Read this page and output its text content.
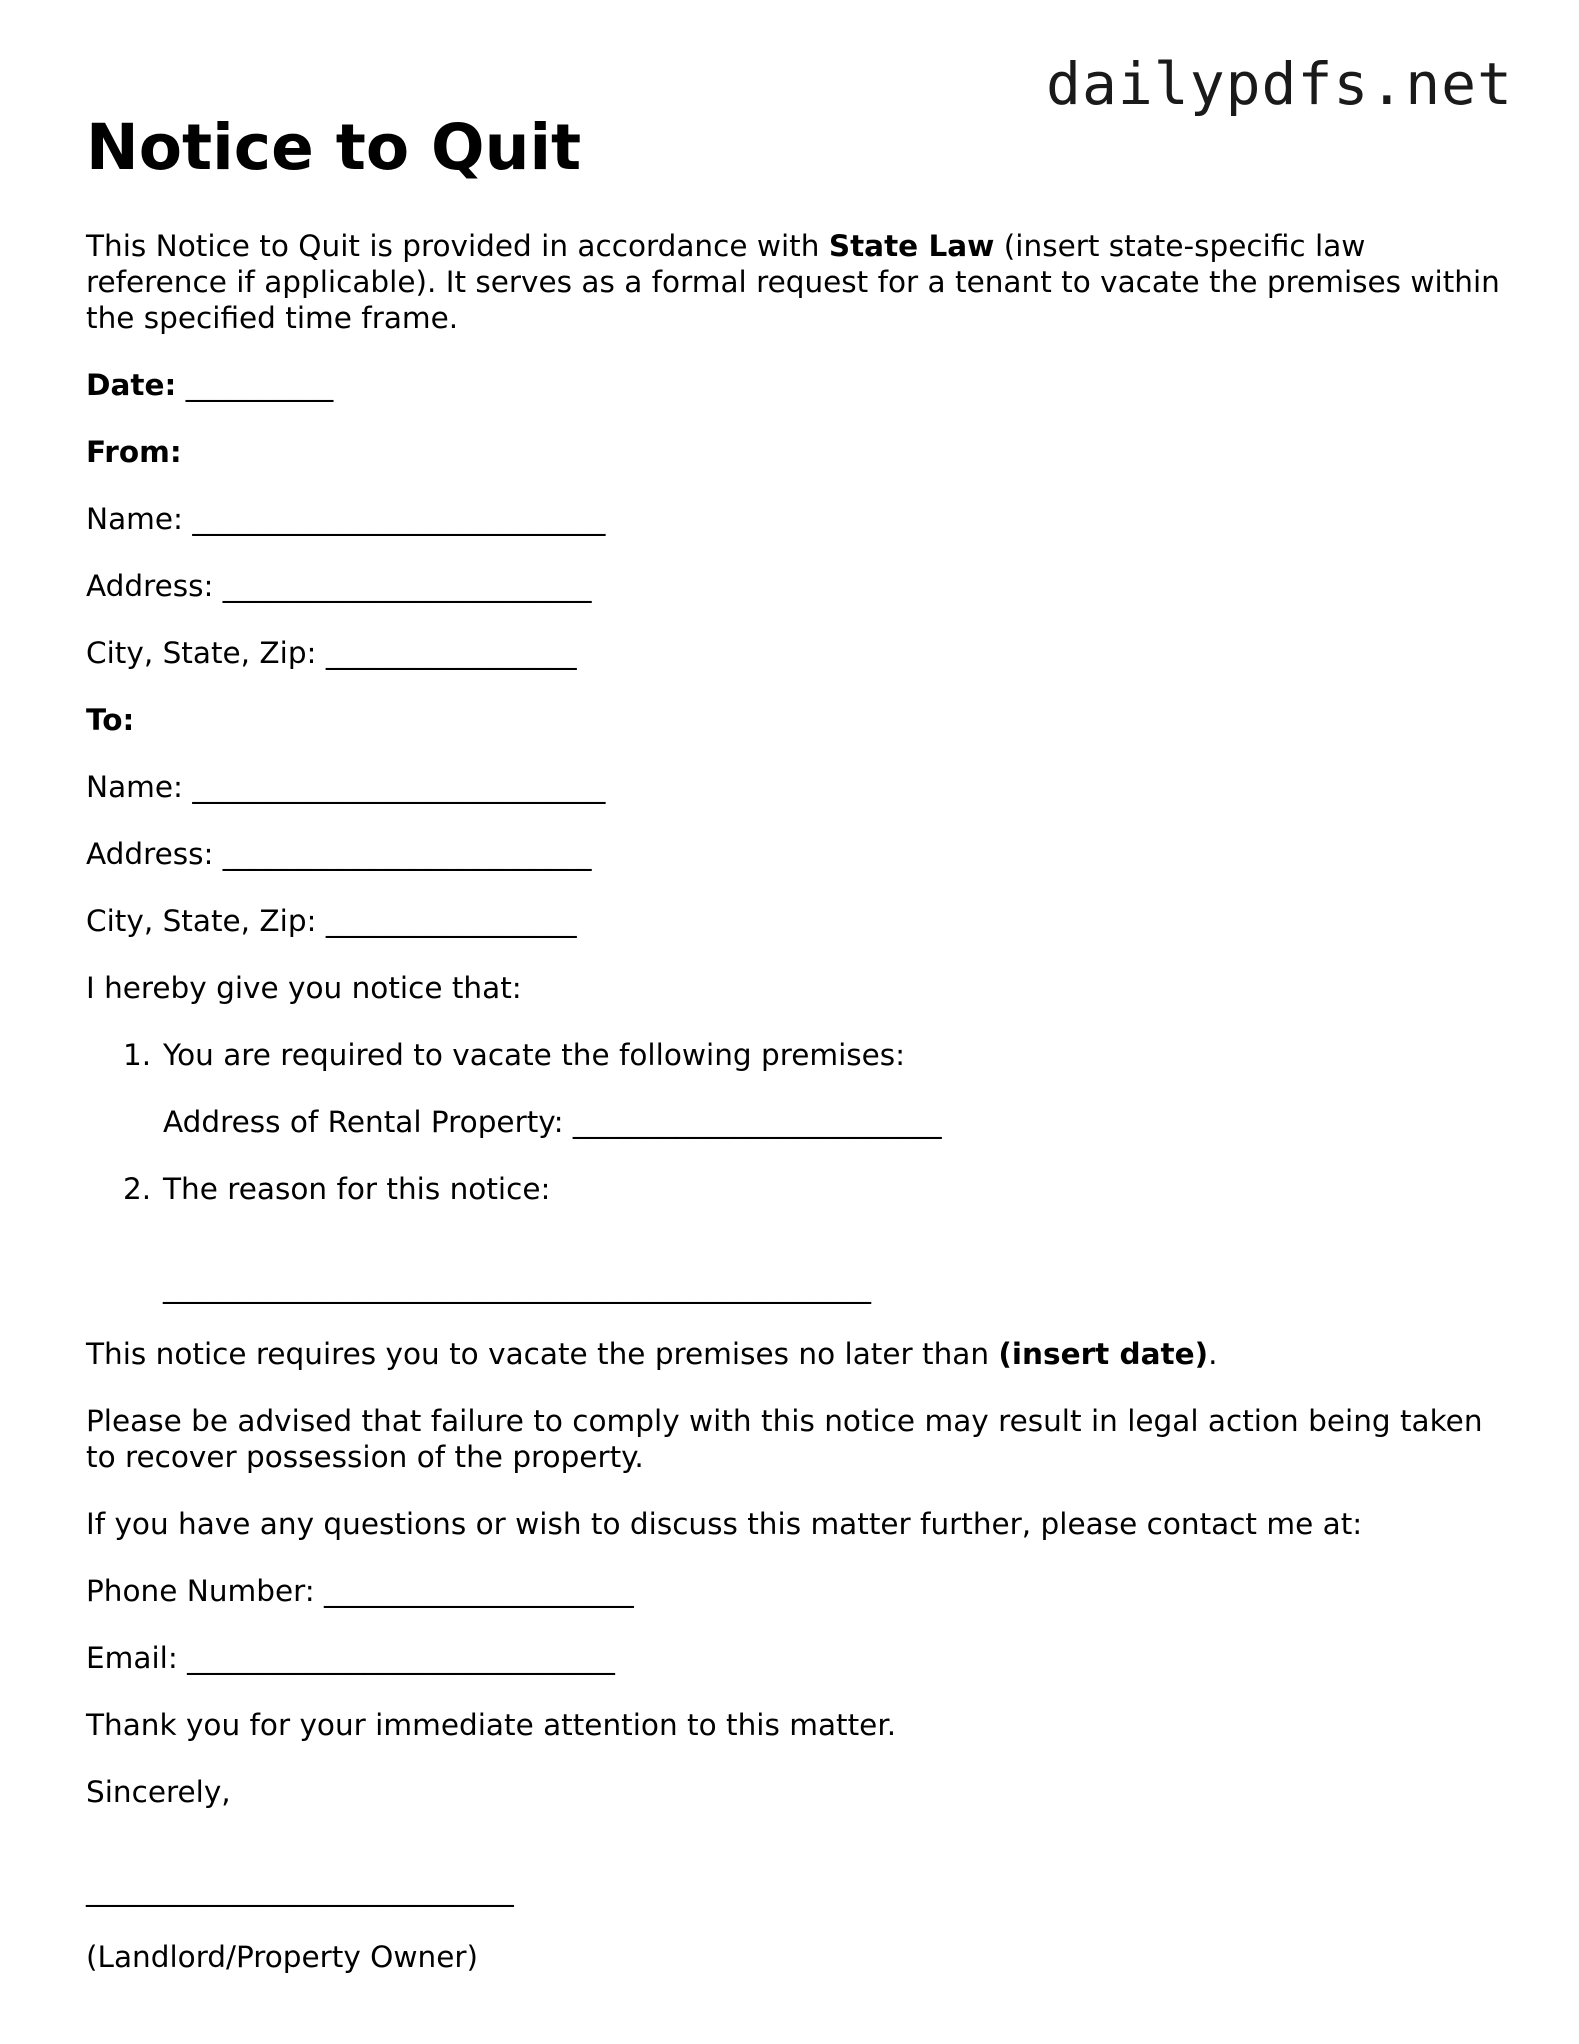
dailypdfs.net
Notice to Quit

This Notice to Quit is provided in accordance with State Law (insert state-specific law reference if applicable). It serves as a formal request for a tenant to vacate the premises within the specified time frame.

Date: __________

From:

Name: ____________________________

Address: _________________________

City, State, Zip: _________________

To:

Name: ____________________________

Address: _________________________

City, State, Zip: _________________

I hereby give you notice that:

1. You are required to vacate the following premises:
Address of Rental Property: _________________________
2. The reason for this notice:
________________________________________________

This notice requires you to vacate the premises no later than (insert date).

Please be advised that failure to comply with this notice may result in legal action being taken to recover possession of the property.

If you have any questions or wish to discuss this matter further, please contact me at:

Phone Number: _____________________

Email: _____________________________

Thank you for your immediate attention to this matter.

Sincerely,

_____________________________

(Landlord/Property Owner)
